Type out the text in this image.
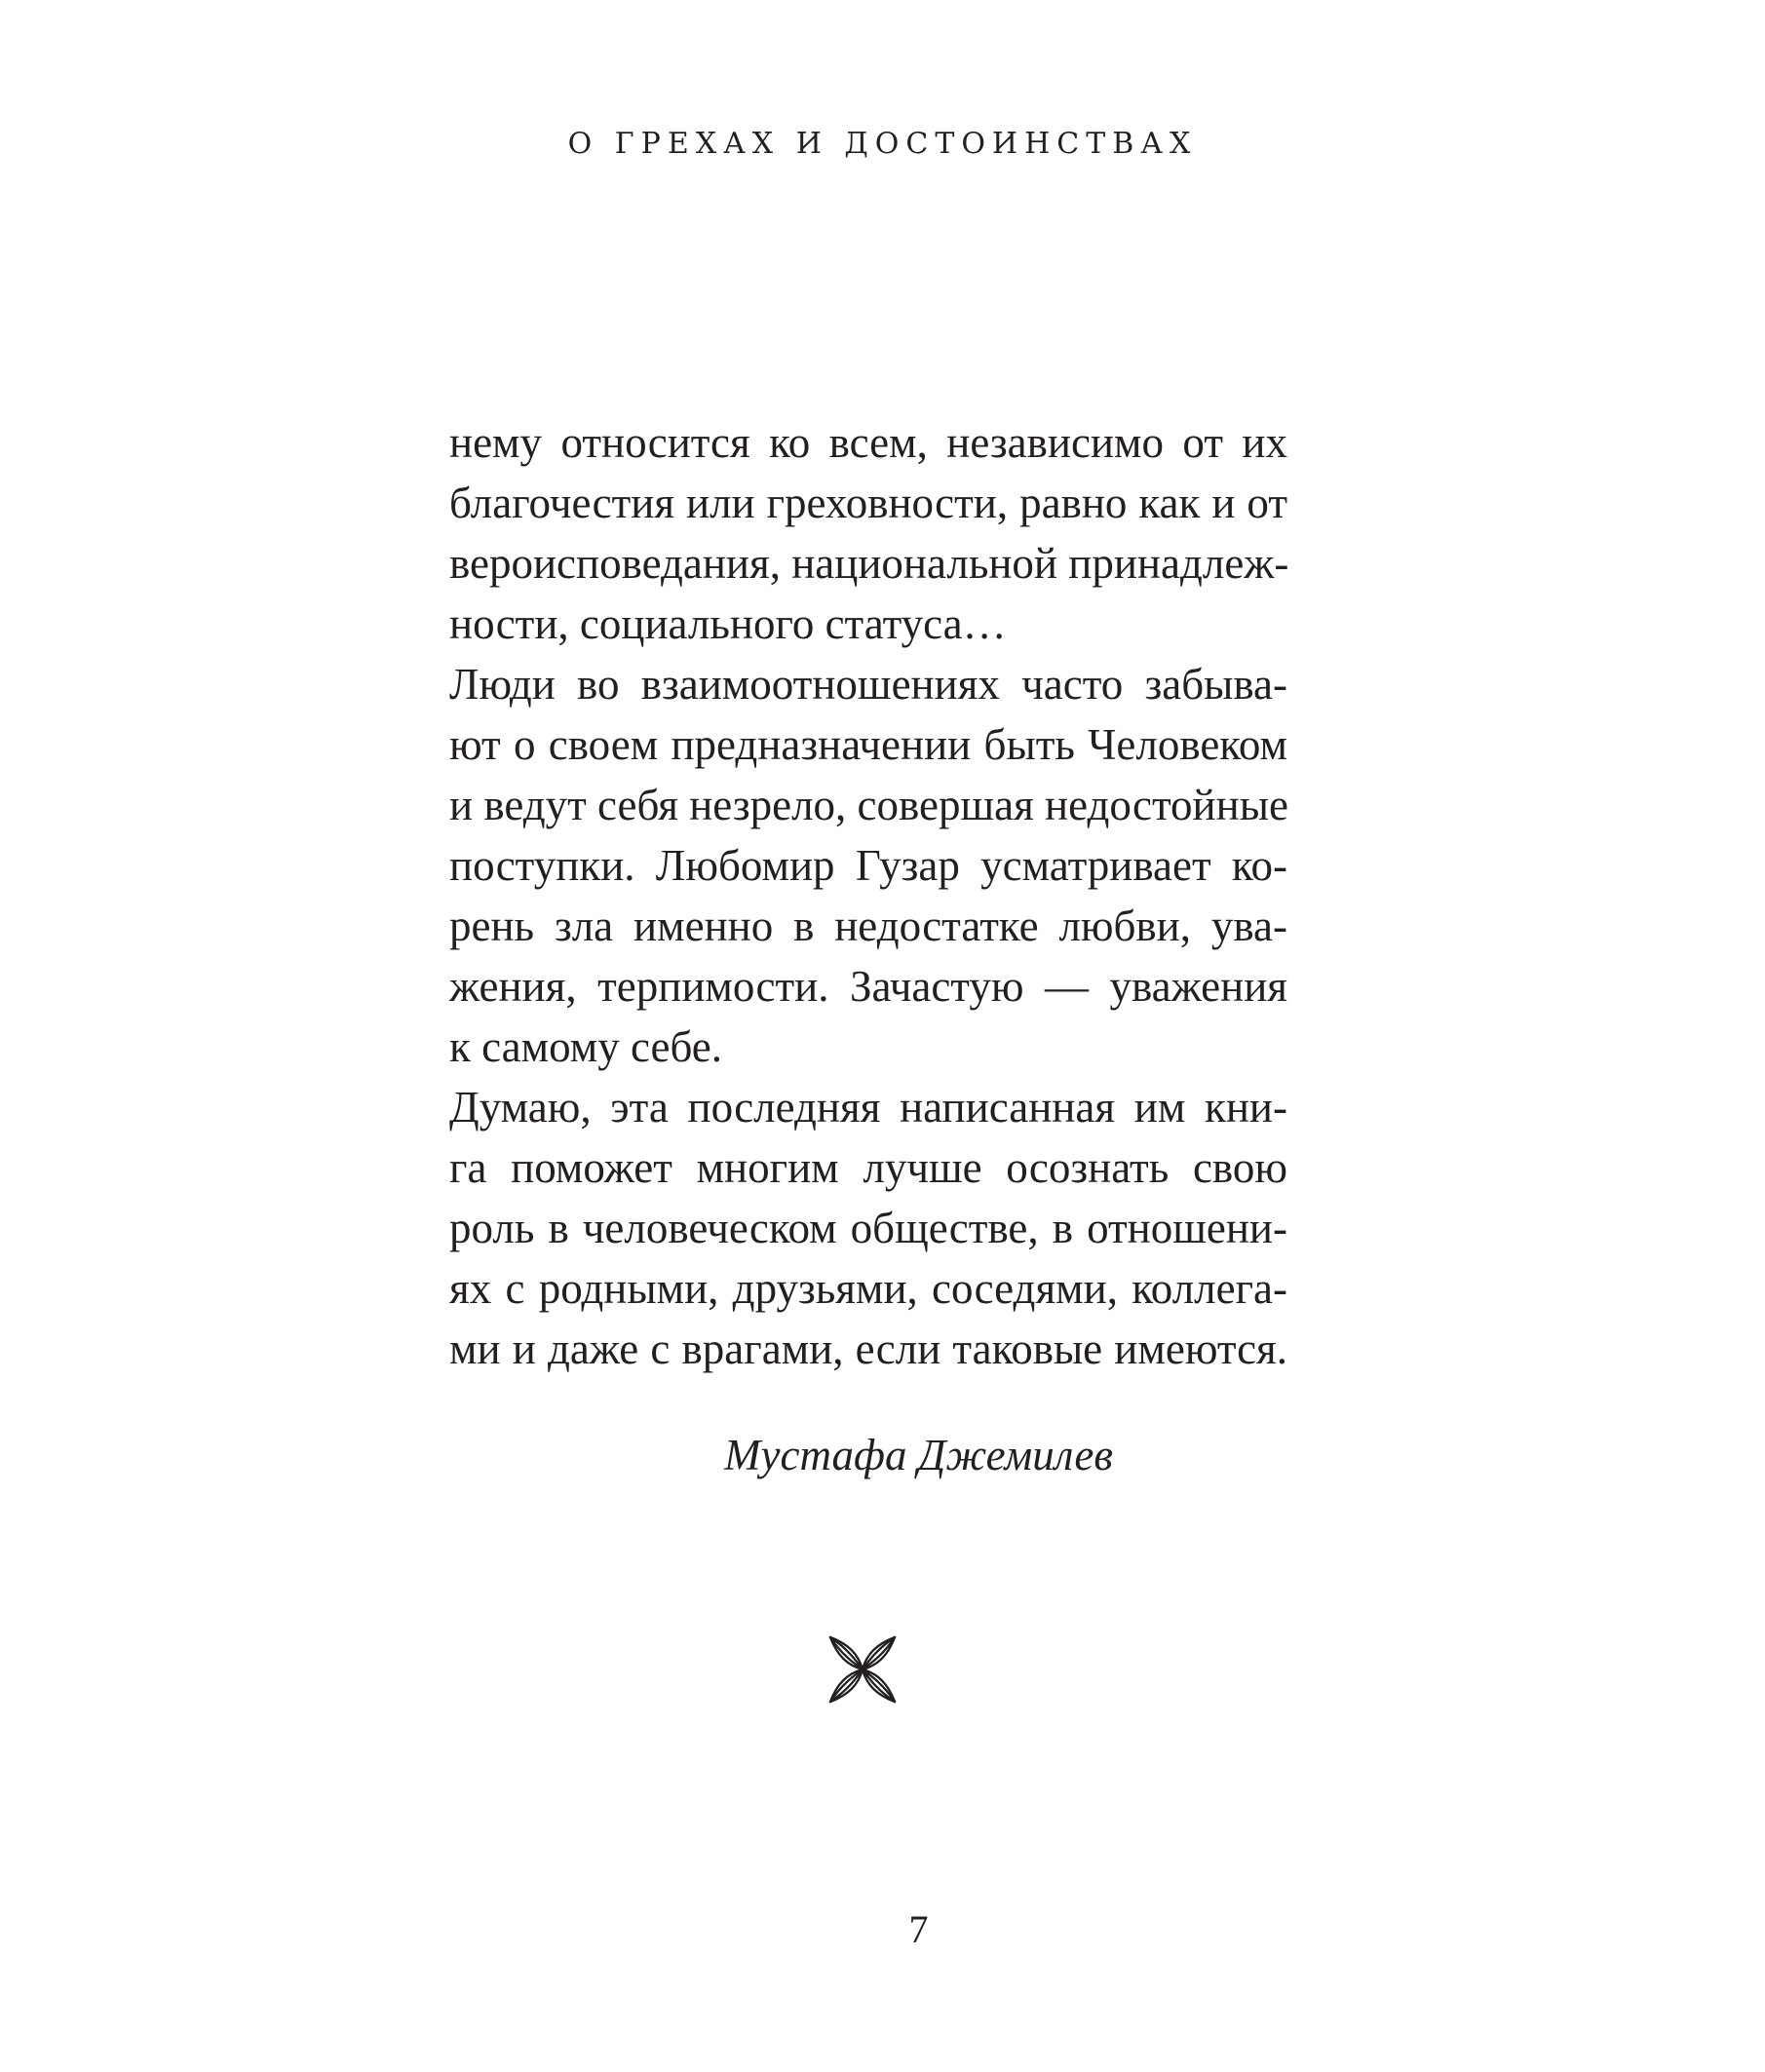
О ГРЕХАХ И ДОСТОИНСТВАХ
нему относится ко всем, независимо от их
благочестия или греховности, равно как и от
вероисповедания, национальной принадлеж-
ности, социального статуса…
Люди во взаимоотношениях часто забыва-
ют о своем предназначении быть Человеком
и ведут себя незрело, совершая недостойные
поступки. Любомир Гузар усматривает ко-
рень зла именно в недостатке любви, ува-
жения, терпимости. Зачастую — уважения
к самому себе.
Думаю, эта последняя написанная им кни-
га поможет многим лучше осознать свою
роль в человеческом обществе, в отношени-
ях с родными, друзьями, соседями, коллега-
ми и даже с врагами, если таковые имеются.
Мустафа Джемилев
7
